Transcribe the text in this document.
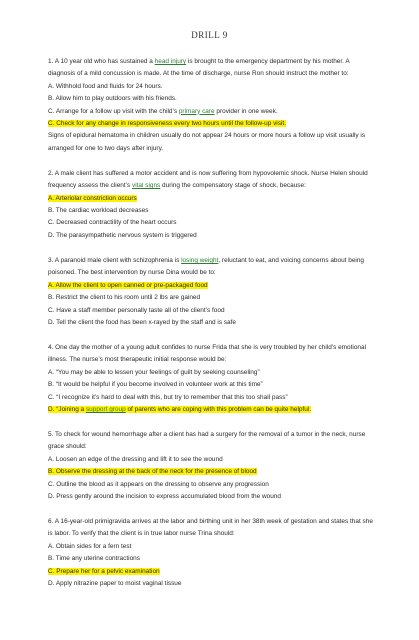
DRILL 9
1. A 10 year old who has sustained a head injury is brought to the emergency department by his mother. A diagnosis of a mild concussion is made. At the time of discharge, nurse Ron should instruct the mother to:
A. Withhold food and fluids for 24 hours.
B. Allow him to play outdoors with his friends.
C. Arrange for a follow up visit with the child’s primary care provider in one week.
C. Check for any change in responsiveness every two hours until the follow-up visit.
Signs of epidural hematoma in children usually do not appear 24 hours or more hours a follow up visit usually is arranged for one to two days after injury.
2. A male client has suffered a motor accident and is now suffering from hypovolemic shock. Nurse Helen should frequency assess the client’s vital signs during the compensatory stage of shock, because:
A. Arteriolar constriction occurs
B. The cardiac workload decreases
C. Decreased contractility of the heart occurs
D. The parasympathetic nervous system is triggered
3. A paranoid male client with schizophrenia is losing weight, reluctant to eat, and voicing concerns about being poisoned. The best intervention by nurse Dina would be to:
A. Allow the client to open canned or pre-packaged food
B. Restrict the client to his room until 2 lbs are gained
C. Have a staff member personally taste all of the client’s food
D. Tell the client the food has been x-rayed by the staff and is safe
4. One day the mother of a young adult confides to nurse Frida that she is very troubled by her child’s emotional illness. The nurse’s most therapeutic initial response would be:
A. “You may be able to lessen your feelings of guilt by seeking counseling”
B. “It would be helpful if you become involved in volunteer work at this time”
C. “I recognize it’s hard to deal with this, but try to remember that this too shall pass”
D. “Joining a support group of parents who are coping with this problem can be quite helpful.
5. To check for wound hemorrhage after a client has had a surgery for the removal of a tumor in the neck, nurse grace should:
A. Loosen an edge of the dressing and lift it to see the wound
B. Observe the dressing at the back of the neck for the presence of blood
C. Outline the blood as it appears on the dressing to observe any progression
D. Press gently around the incision to express accumulated blood from the wound
6. A 16-year-old primigravida arrives at the labor and birthing unit in her 38th week of gestation and states that she is labor. To verify that the client is in true labor nurse Trina should:
A. Obtain sides for a fern test
B. Time any uterine contractions
C. Prepare her for a pelvic examination
D. Apply nitrazine paper to moist vaginal tissue
